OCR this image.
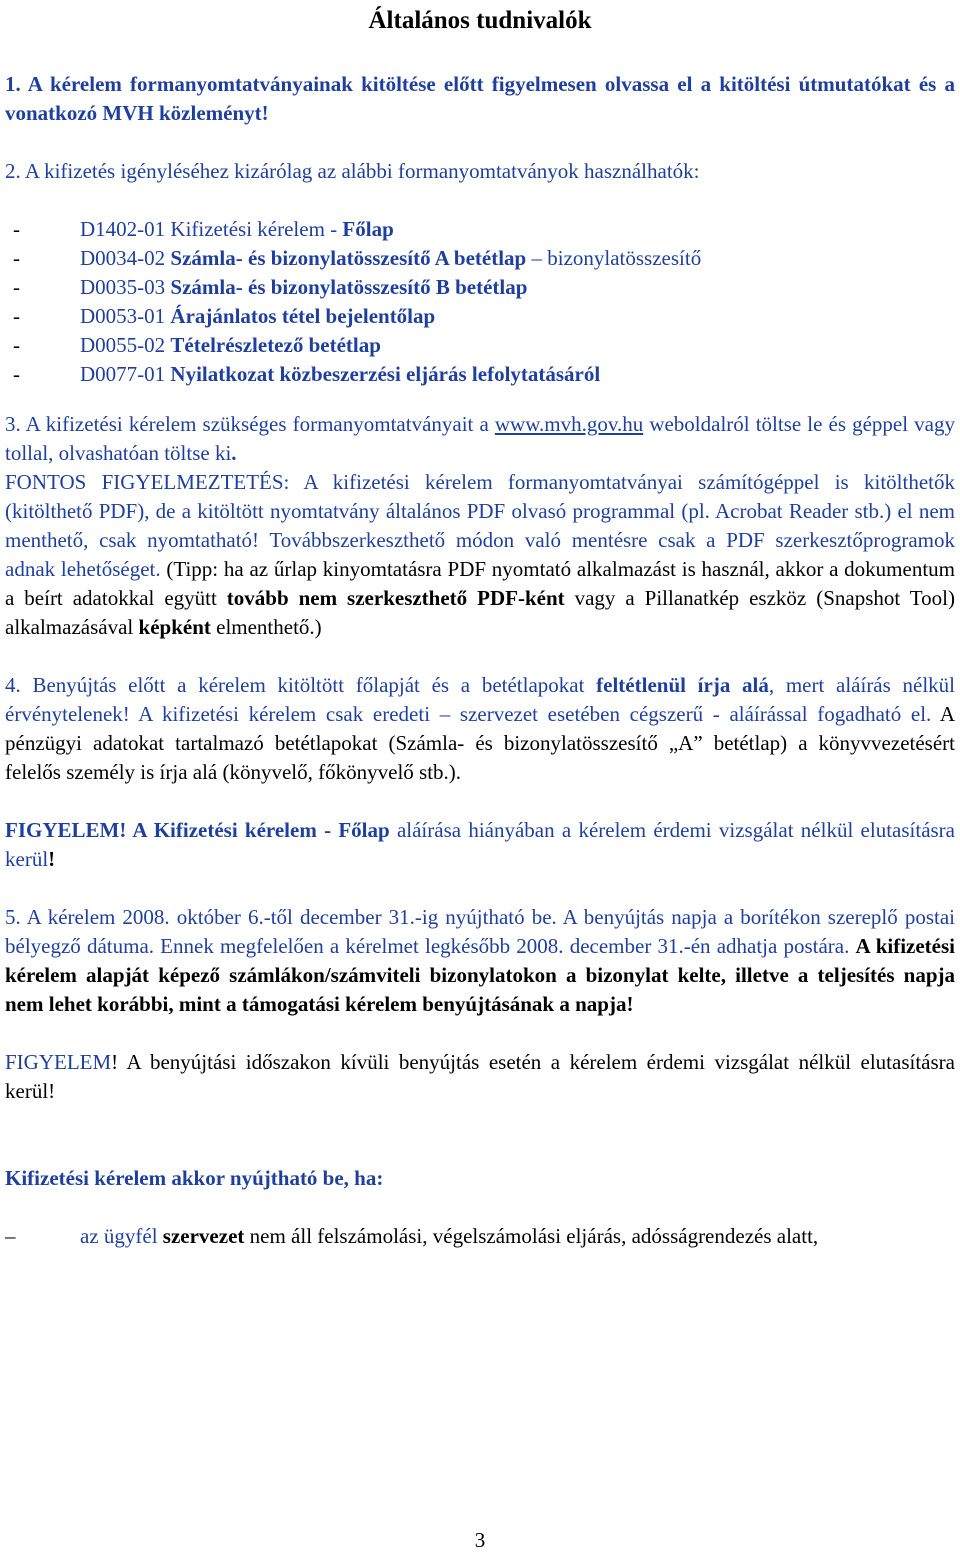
Általános tudnivalók

1. A kérelem formanyomtatványainak kitöltése előtt figyelmesen olvassa el a kitöltési útmutatókat és a vonatkozó MVH közleményt!

2. A kifizetés igényléséhez kizárólag az alábbi formanyomtatványok használhatók:

-	D1402-01 Kifizetési kérelem - Főlap
-	D0034-02 Számla- és bizonylatösszesítő A betétlap – bizonylatösszesítő
-	D0035-03 Számla- és bizonylatösszesítő B betétlap
-	D0053-01 Árajánlatos tétel bejelentőlap
-	D0055-02 Tételrészletező betétlap
-	D0077-01 Nyilatkozat közbeszerzési eljárás lefolytatásáról

3. A kifizetési kérelem szükséges formanyomtatványait a www.mvh.gov.hu weboldalról töltse le és géppel vagy tollal, olvashatóan töltse ki.

FONTOS FIGYELMEZTETÉS: A kifizetési kérelem formanyomtatványai számítógéppel is kitölthetők (kitölthető PDF), de a kitöltött nyomtatvány általános PDF olvasó programmal (pl. Acrobat Reader stb.) el nem menthető, csak nyomtatható! Továbbszerkeszthető módon való mentésre csak a PDF szerkesztőprogramok adnak lehetőséget. (Tipp: ha az űrlap kinyomtatásra PDF nyomtató alkalmazást is használ, akkor a dokumentum a beírt adatokkal együtt tovább nem szerkeszthető PDF-ként vagy a Pillanatkép eszköz (Snapshot Tool) alkalmazásával képként elmenthető.)

4. Benyújtás előtt a kérelem kitöltött főlapját és a betétlapokat feltétlenül írja alá, mert aláírás nélkül érvénytelenek! A kifizetési kérelem csak eredeti – szervezet esetében cégszerű - aláírással fogadható el. A pénzügyi adatokat tartalmazó betétlapokat (Számla- és bizonylatösszesítő „A” betétlap) a könyvvezetésért felelős személy is írja alá (könyvelő, főkönyvelő stb.).

FIGYELEM! A Kifizetési kérelem - Főlap aláírása hiányában a kérelem érdemi vizsgálat nélkül elutasításra kerül!

5. A kérelem 2008. október 6.-től december 31.-ig nyújtható be. A benyújtás napja a borítékon szereplő postai bélyegző dátuma. Ennek megfelelően a kérelmet legkésőbb 2008. december 31.-én adhatja postára. A kifizetési kérelem alapját képező számlákon/számviteli bizonylatokon a bizonylat kelte, illetve a teljesítés napja nem lehet korábbi, mint a támogatási kérelem benyújtásának a napja!

FIGYELEM! A benyújtási időszakon kívüli benyújtás esetén a kérelem érdemi vizsgálat nélkül elutasításra kerül!

Kifizetési kérelem akkor nyújtható be, ha:

–	az ügyfél szervezet nem áll felszámolási, végelszámolási eljárás, adósságrendezés alatt,
3
